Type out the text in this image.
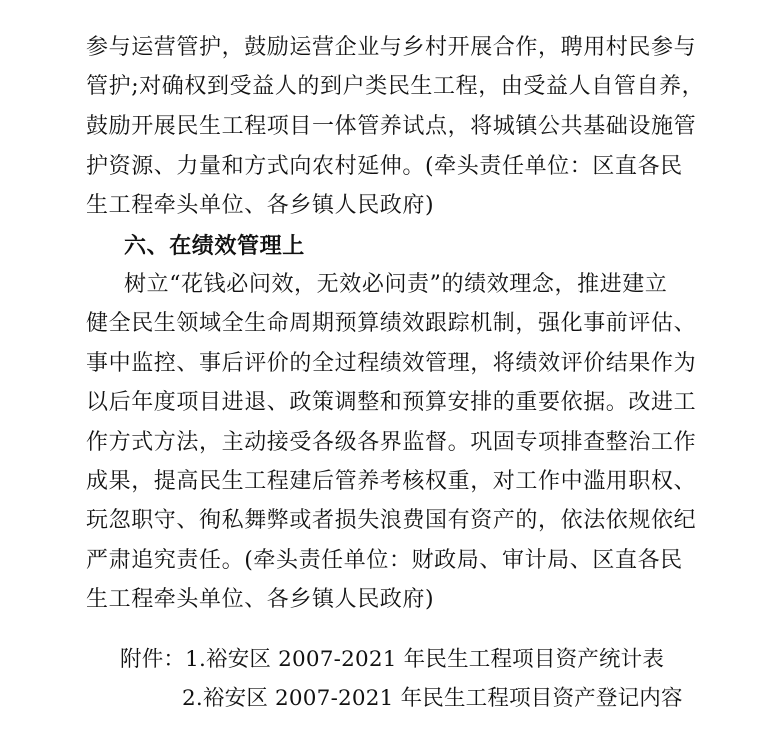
参与运营管护，鼓励运营企业与乡村开展合作，聘用村民参与
管护;对确权到受益人的到户类民生工程，由受益人自管自养，
鼓励开展民生工程项目一体管养试点，将城镇公共基础设施管
护资源、力量和方式向农村延伸。(牵头责任单位：区直各民
生工程牵头单位、各乡镇人民政府)
六、在绩效管理上
树立“花钱必问效，无效必问责”的绩效理念，推进建立
健全民生领域全生命周期预算绩效跟踪机制，强化事前评估、
事中监控、事后评价的全过程绩效管理，将绩效评价结果作为
以后年度项目进退、政策调整和预算安排的重要依据。改进工
作方式方法，主动接受各级各界监督。巩固专项排查整治工作
成果，提高民生工程建后管养考核权重，对工作中滥用职权、
玩忽职守、徇私舞弊或者损失浪费国有资产的，依法依规依纪
严肃追究责任。(牵头责任单位：财政局、审计局、区直各民
生工程牵头单位、各乡镇人民政府)
附件：1.裕安区 2007-2021 年民生工程项目资产统计表
2.裕安区 2007-2021 年民生工程项目资产登记内容
